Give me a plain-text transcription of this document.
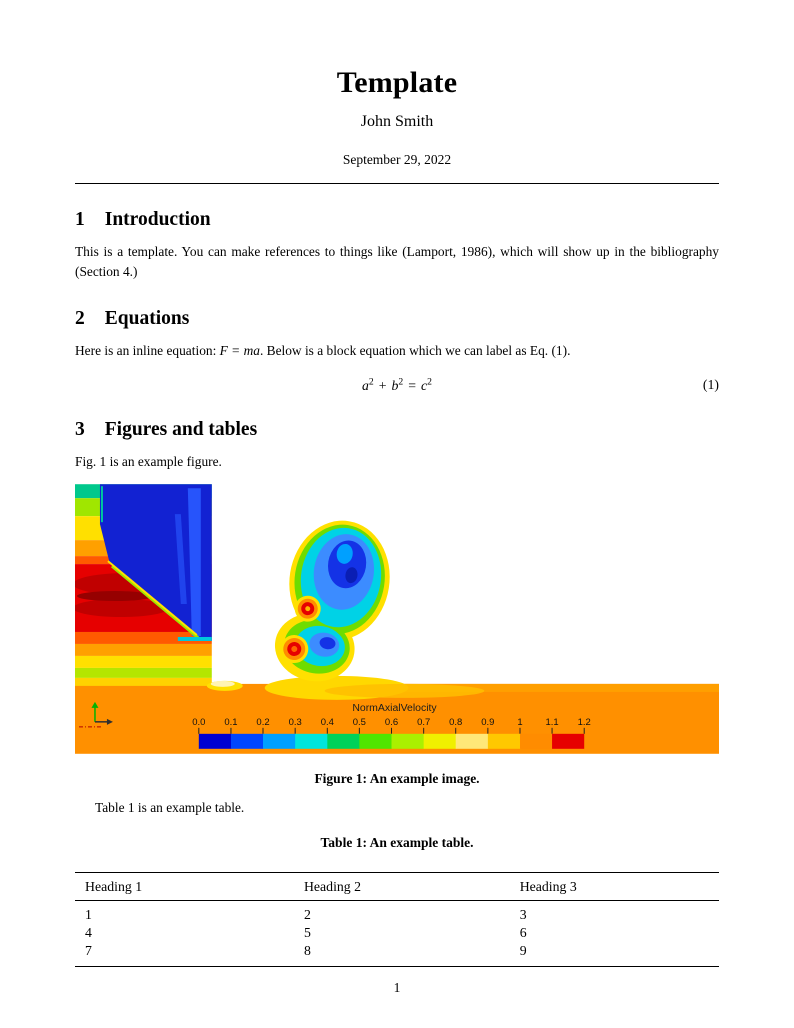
Template
John Smith
September 29, 2022
1 Introduction

This is a template. You can make references to things like (Lamport, 1986), which will show up in the bibliography (Section 4.)

2 Equations

Here is an inline equation: F = ma. Below is a block equation which we can label as Eq. (1).

$a^2 + b^2 = c^2$	(1)
3 Figures and tables

Fig. 1 is an example figure.

NormAxialVelocity
0.0 0.1 0.2 0.3 0.4 0.5 0.6 0.7 0.8 0.9 1 1.1 1.2
Figure 1: An example image.

Table 1 is an example table.

Table 1: An example table.
Heading 1	Heading 2	Heading 3
1	2	3
4	5	6
7	8	9
1
